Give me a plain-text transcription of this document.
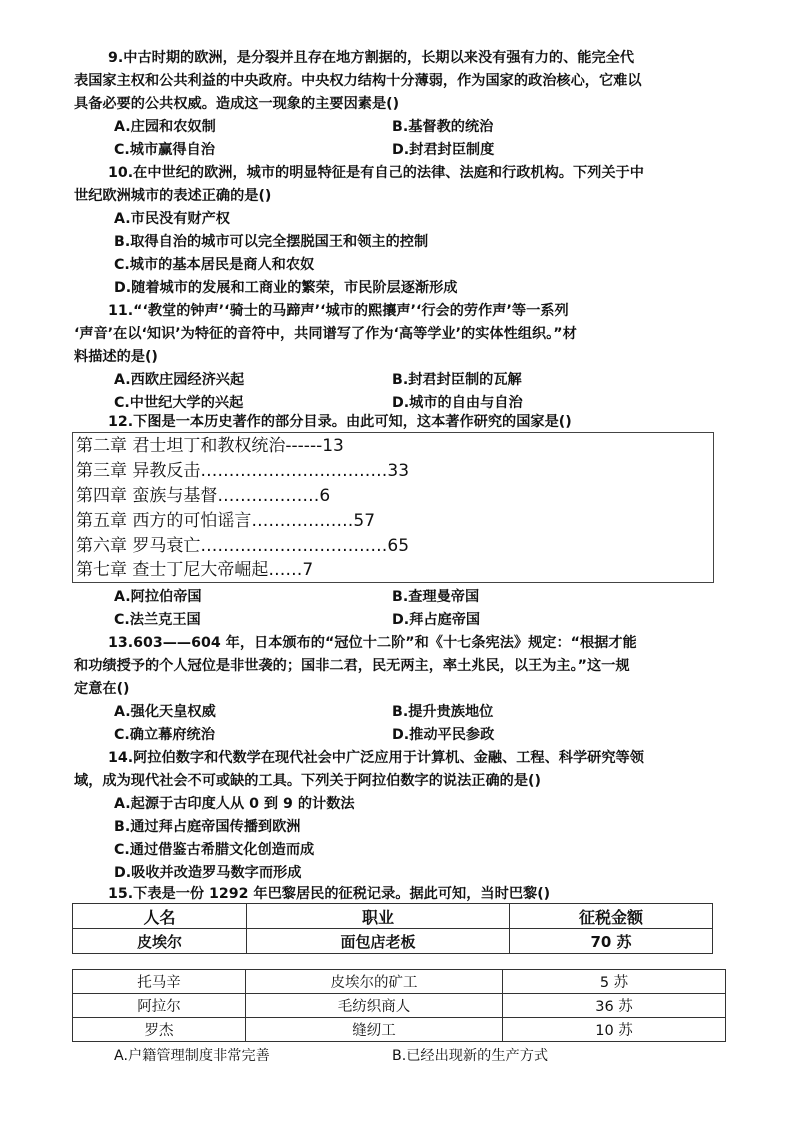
9.中古时期的欧洲，是分裂并且存在地方割据的，长期以来没有强有力的、能完全代
表国家主权和公共利益的中央政府。中央权力结构十分薄弱，作为国家的政治核心，它难以
具备必要的公共权威。造成这一现象的主要因素是()
A.庄园和农奴制	B.基督教的统治
C.城市赢得自治	D.封君封臣制度
10.在中世纪的欧洲，城市的明显特征是有自己的法律、法庭和行政机构。下列关于中
世纪欧洲城市的表述正确的是()
A.市民没有财产权
B.取得自治的城市可以完全摆脱国王和领主的控制
C.城市的基本居民是商人和农奴
D.随着城市的发展和工商业的繁荣，市民阶层逐渐形成
11.“‘教堂的钟声’‘骑士的马蹄声’‘城市的熙攘声’‘行会的劳作声’等一系列
‘声音’在以‘知识’为特征的音符中，共同谱写了作为‘高等学业’的实体性组织。”材
料描述的是()
A.西欧庄园经济兴起	B.封君封臣制的瓦解
C.中世纪大学的兴起	D.城市的自由与自治
12.下图是一本历史著作的部分目录。由此可知，这本著作研究的国家是()
第二章 君士坦丁和教权统治------13
第三章 异教反击……………………………33
第四章 蛮族与基督………………6
第五章 西方的可怕谣言………………57
第六章 罗马衰亡……………………………65
第七章 查士丁尼大帝崛起……7
A.阿拉伯帝国	B.查理曼帝国
C.法兰克王国	D.拜占庭帝国
13.603——604 年，日本颁布的“冠位十二阶”和《十七条宪法》规定：“根据才能
和功绩授予的个人冠位是非世袭的；国非二君，民无两主，率土兆民，以王为主。”这一规
定意在()
A.强化天皇权威	B.提升贵族地位
C.确立幕府统治	D.推动平民参政
14.阿拉伯数字和代数学在现代社会中广泛应用于计算机、金融、工程、科学研究等领
域，成为现代社会不可或缺的工具。下列关于阿拉伯数字的说法正确的是()
A.起源于古印度人从 0 到 9 的计数法
B.通过拜占庭帝国传播到欧洲
C.通过借鉴古希腊文化创造而成
D.吸收并改造罗马数字而形成
15.下表是一份 1292 年巴黎居民的征税记录。据此可知，当时巴黎()
人名	职业	征税金额
皮埃尔	面包店老板	70 苏
托马辛	皮埃尔的矿工	5 苏
阿拉尔	毛纺织商人	36 苏
罗杰	缝纫工	10 苏
A.户籍管理制度非常完善	B.已经出现新的生产方式
